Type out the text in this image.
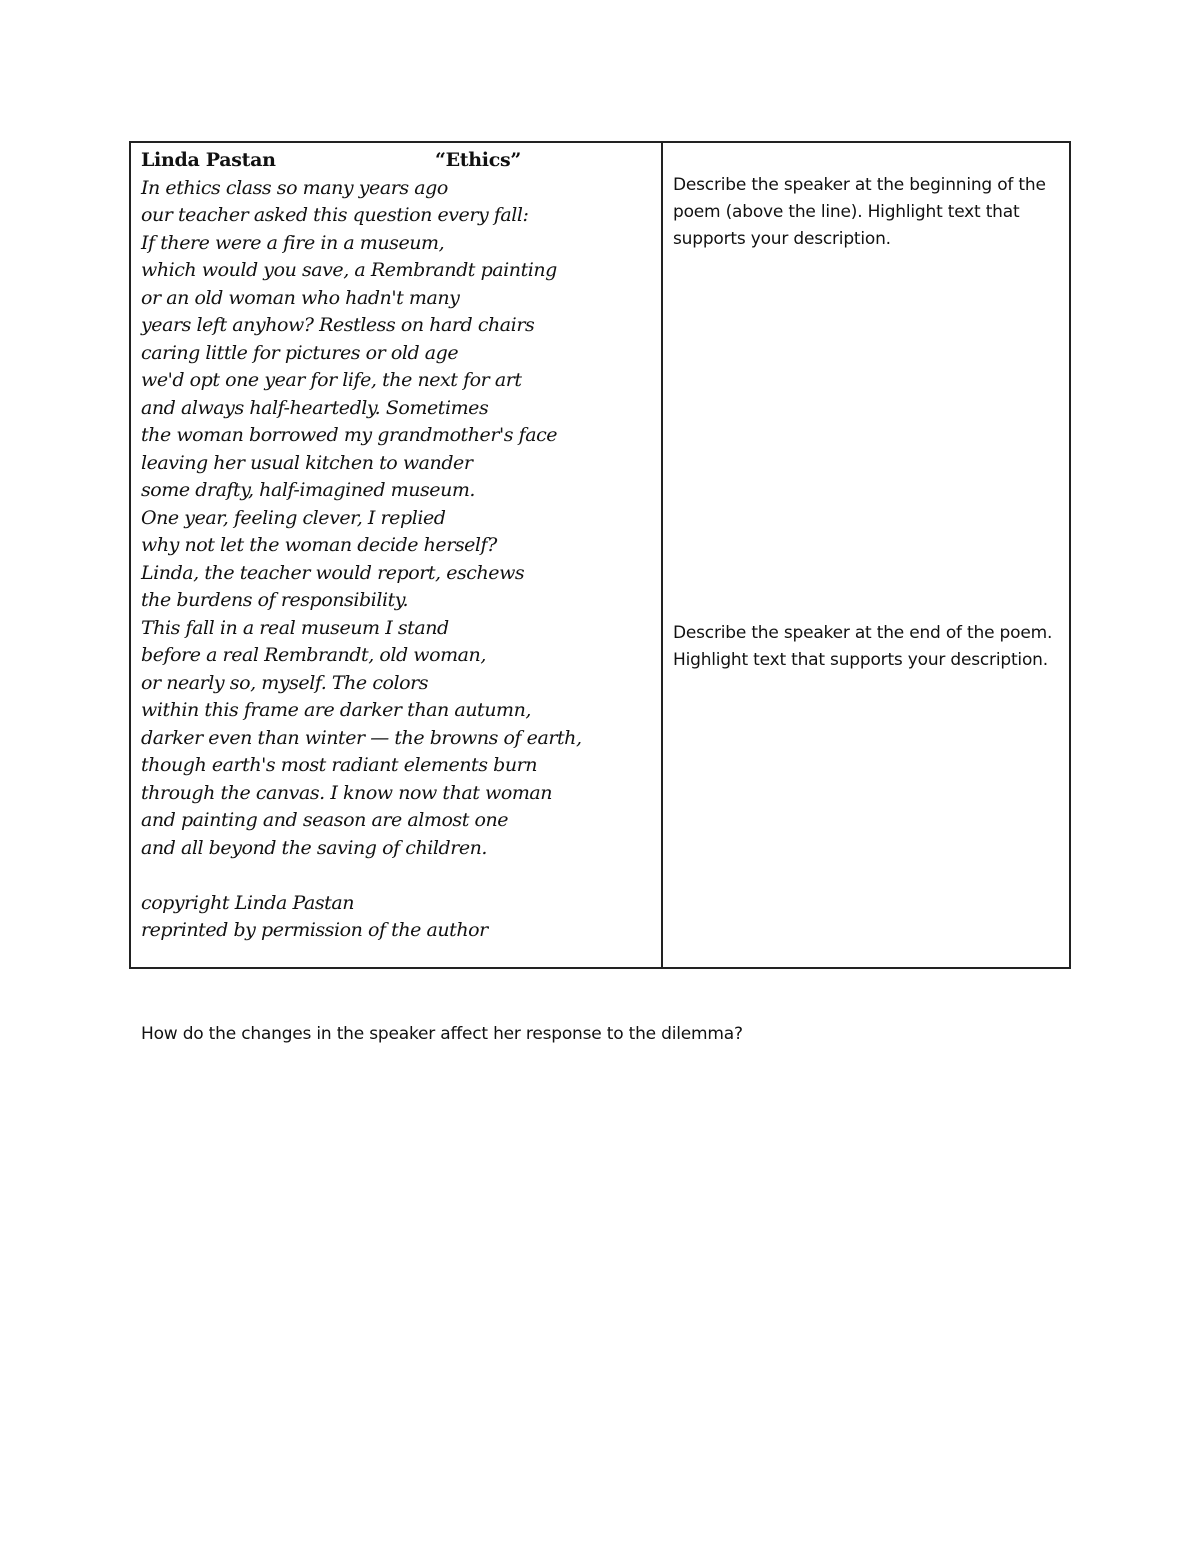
Linda Pastan	“Ethics”
In ethics class so many years ago
our teacher asked this question every fall:
If there were a fire in a museum,
which would you save, a Rembrandt painting
or an old woman who hadn't many
years left anyhow? Restless on hard chairs
caring little for pictures or old age
we'd opt one year for life, the next for art
and always half-heartedly. Sometimes
the woman borrowed my grandmother's face
leaving her usual kitchen to wander
some drafty, half-imagined museum.
One year, feeling clever, I replied
why not let the woman decide herself?
Linda, the teacher would report, eschews
the burdens of responsibility.
This fall in a real museum I stand
before a real Rembrandt, old woman,
or nearly so, myself. The colors
within this frame are darker than autumn,
darker even than winter — the browns of earth,
though earth's most radiant elements burn
through the canvas. I know now that woman
and painting and season are almost one
and all beyond the saving of children.
copyright Linda Pastan
reprinted by permission of the author

Describe the speaker at the beginning of the poem (above the line). Highlight text that supports your description.

Describe the speaker at the end of the poem. Highlight text that supports your description.

How do the changes in the speaker affect her response to the dilemma?
